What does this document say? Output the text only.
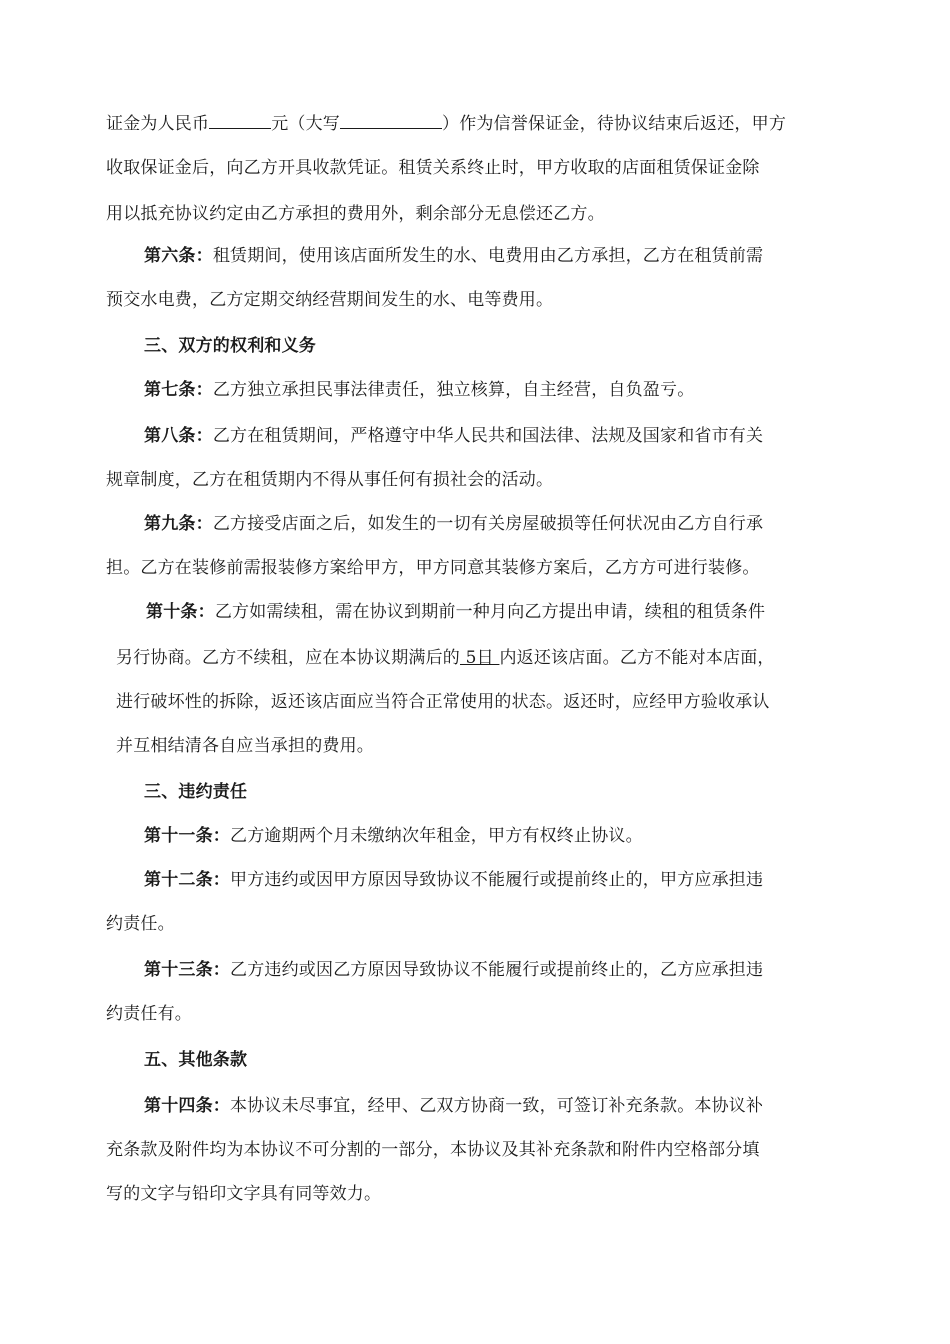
证金为人民币	元（大写	）作为信誉保证金，待协议结束后返还，甲方
收取保证金后，向乙方开具收款凭证。租赁关系终止时，甲方收取的店面租赁保证金除
用以抵充协议约定由乙方承担的费用外，剩余部分无息偿还乙方。
第六条：租赁期间，使用该店面所发生的水、电费用由乙方承担，乙方在租赁前需
预交水电费，乙方定期交纳经营期间发生的水、电等费用。
三、双方的权利和义务
第七条：乙方独立承担民事法律责任，独立核算，自主经营，自负盈亏。
第八条：乙方在租赁期间，严格遵守中华人民共和国法律、法规及国家和省市有关
规章制度，乙方在租赁期内不得从事任何有损社会的活动。
第九条：乙方接受店面之后，如发生的一切有关房屋破损等任何状况由乙方自行承
担。乙方在装修前需报装修方案给甲方，甲方同意其装修方案后，乙方方可进行装修。
第十条：乙方如需续租，需在协议到期前一种月向乙方提出申请，续租的租赁条件
另行协商。乙方不续租，应在本协议期满后的 5日 内返还该店面。乙方不能对本店面，
进行破坏性的拆除，返还该店面应当符合正常使用的状态。返还时，应经甲方验收承认
并互相结清各自应当承担的费用。
三、违约责任
第十一条：乙方逾期两个月未缴纳次年租金，甲方有权终止协议。
第十二条：甲方违约或因甲方原因导致协议不能履行或提前终止的，甲方应承担违
约责任。
第十三条：乙方违约或因乙方原因导致协议不能履行或提前终止的，乙方应承担违
约责任有。
五、其他条款
第十四条：本协议未尽事宜，经甲、乙双方协商一致，可签订补充条款。本协议补
充条款及附件均为本协议不可分割的一部分，本协议及其补充条款和附件内空格部分填
写的文字与铅印文字具有同等效力。
